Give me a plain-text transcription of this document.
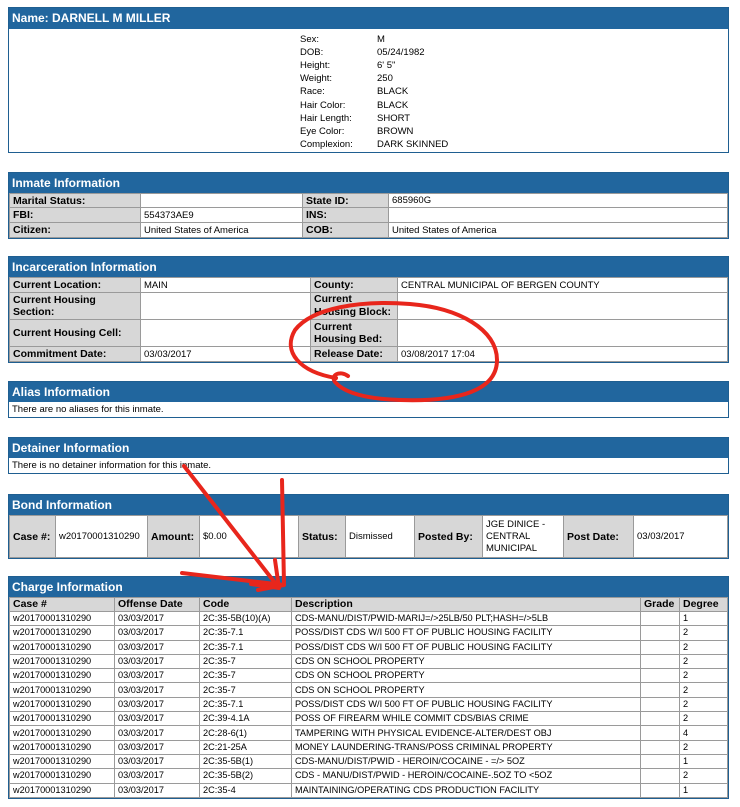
Name: DARNELL M MILLER
Sex:	M
DOB:	05/24/1982
Height:	6' 5"
Weight:	250
Race:	BLACK
Hair Color:	BLACK
Hair Length:	SHORT
Eye Color:	BROWN
Complexion:	DARK SKINNED
Inmate Information
Marital Status:		State ID:	685960G
FBI:	554373AE9	INS:	
Citizen:	United States of America	COB:	United States of America
Incarceration Information
Current Location:	MAIN	County:	CENTRAL MUNICIPAL OF BERGEN COUNTY
Current Housing Section:		Current Housing Block:	
Current Housing Cell:		Current Housing Bed:	
Commitment Date:	03/03/2017	Release Date:	03/08/2017 17:04
Alias Information
There are no aliases for this inmate.
Detainer Information
There is no detainer information for this inmate.
Bond Information
Case #:	w20170001310290	Amount:	$0.00	Status:	Dismissed	Posted By:	JGE DINICE -CENTRAL MUNICIPAL	Post Date:	03/03/2017
Charge Information
Case #	Offense Date	Code	Description	Grade	Degree
w20170001310290	03/03/2017	2C:35-5B(10)(A)	CDS-MANU/DIST/PWID-MARIJ=/>25LB/50 PLT;HASH=/>5LB		1
w20170001310290	03/03/2017	2C:35-7.1	POSS/DIST CDS W/I 500 FT OF PUBLIC HOUSING FACILITY		2
w20170001310290	03/03/2017	2C:35-7.1	POSS/DIST CDS W/I 500 FT OF PUBLIC HOUSING FACILITY		2
w20170001310290	03/03/2017	2C:35-7	CDS ON SCHOOL PROPERTY		2
w20170001310290	03/03/2017	2C:35-7	CDS ON SCHOOL PROPERTY		2
w20170001310290	03/03/2017	2C:35-7	CDS ON SCHOOL PROPERTY		2
w20170001310290	03/03/2017	2C:35-7.1	POSS/DIST CDS W/I 500 FT OF PUBLIC HOUSING FACILITY		2
w20170001310290	03/03/2017	2C:39-4.1A	POSS OF FIREARM WHILE COMMIT CDS/BIAS CRIME		2
w20170001310290	03/03/2017	2C:28-6(1)	TAMPERING WITH PHYSICAL EVIDENCE-ALTER/DEST OBJ		4
w20170001310290	03/03/2017	2C:21-25A	MONEY LAUNDERING-TRANS/POSS CRIMINAL PROPERTY		2
w20170001310290	03/03/2017	2C:35-5B(1)	CDS-MANU/DIST/PWID - HEROIN/COCAINE - =/> 5OZ		1
w20170001310290	03/03/2017	2C:35-5B(2)	CDS - MANU/DIST/PWID - HEROIN/COCAINE-.5OZ TO <5OZ		2
w20170001310290	03/03/2017	2C:35-4	MAINTAINING/OPERATING CDS PRODUCTION FACILITY		1
